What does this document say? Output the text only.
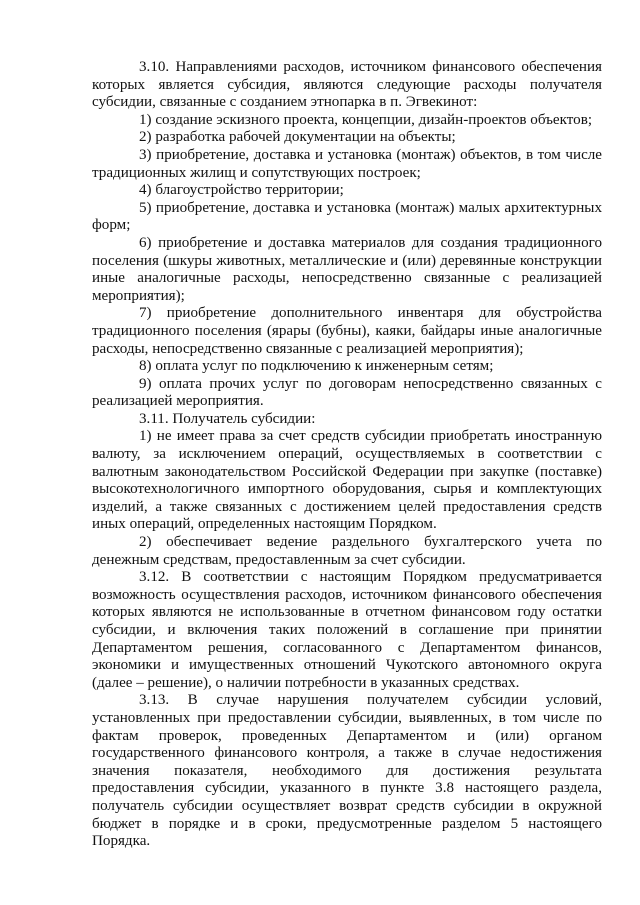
3.10. Направлениями расходов, источником финансового обеспечения которых является субсидия, являются следующие расходы получателя субсидии, связанные с созданием этнопарка в п. Эгвекинот:

1) создание эскизного проекта, концепции, дизайн-проектов объектов;

2) разработка рабочей документации на объекты;

3) приобретение, доставка и установка (монтаж) объектов, в том числе традиционных жилищ и сопутствующих построек;

4) благоустройство территории;

5) приобретение, доставка и установка (монтаж) малых архитектурных форм;

6) приобретение и доставка материалов для создания традиционного поселения (шкуры животных, металлические и (или) деревянные конструкции иные аналогичные расходы, непосредственно связанные с реализацией мероприятия);

7) приобретение дополнительного инвентаря для обустройства традиционного поселения (ярары (бубны), каяки, байдары иные аналогичные расходы, непосредственно связанные с реализацией мероприятия);

8) оплата услуг по подключению к инженерным сетям;

9) оплата прочих услуг по договорам непосредственно связанных с реализацией мероприятия.

3.11. Получатель субсидии:

1) не имеет права за счет средств субсидии приобретать иностранную валюту, за исключением операций, осуществляемых в соответствии с валютным законодательством Российской Федерации при закупке (поставке) высокотехнологичного импортного оборудования, сырья и комплектующих изделий, а также связанных с достижением целей предоставления средств иных операций, определенных настоящим Порядком.

2) обеспечивает ведение раздельного бухгалтерского учета по денежным средствам, предоставленным за счет субсидии.

3.12. В соответствии с настоящим Порядком предусматривается возможность осуществления расходов, источником финансового обеспечения которых являются не использованные в отчетном финансовом году остатки субсидии, и включения таких положений в соглашение при принятии Департаментом решения, согласованного с Департаментом финансов, экономики и имущественных отношений Чукотского автономного округа (далее – решение), о наличии потребности в указанных средствах.

3.13. В случае нарушения получателем субсидии условий, установленных при предоставлении субсидии, выявленных, в том числе по фактам проверок, проведенных Департаментом и (или) органом государственного финансового контроля, а также в случае недостижения значения показателя, необходимого для достижения результата предоставления субсидии, указанного в пункте 3.8 настоящего раздела, получатель субсидии осуществляет возврат средств субсидии в окружной бюджет в порядке и в сроки, предусмотренные разделом 5 настоящего Порядка.
